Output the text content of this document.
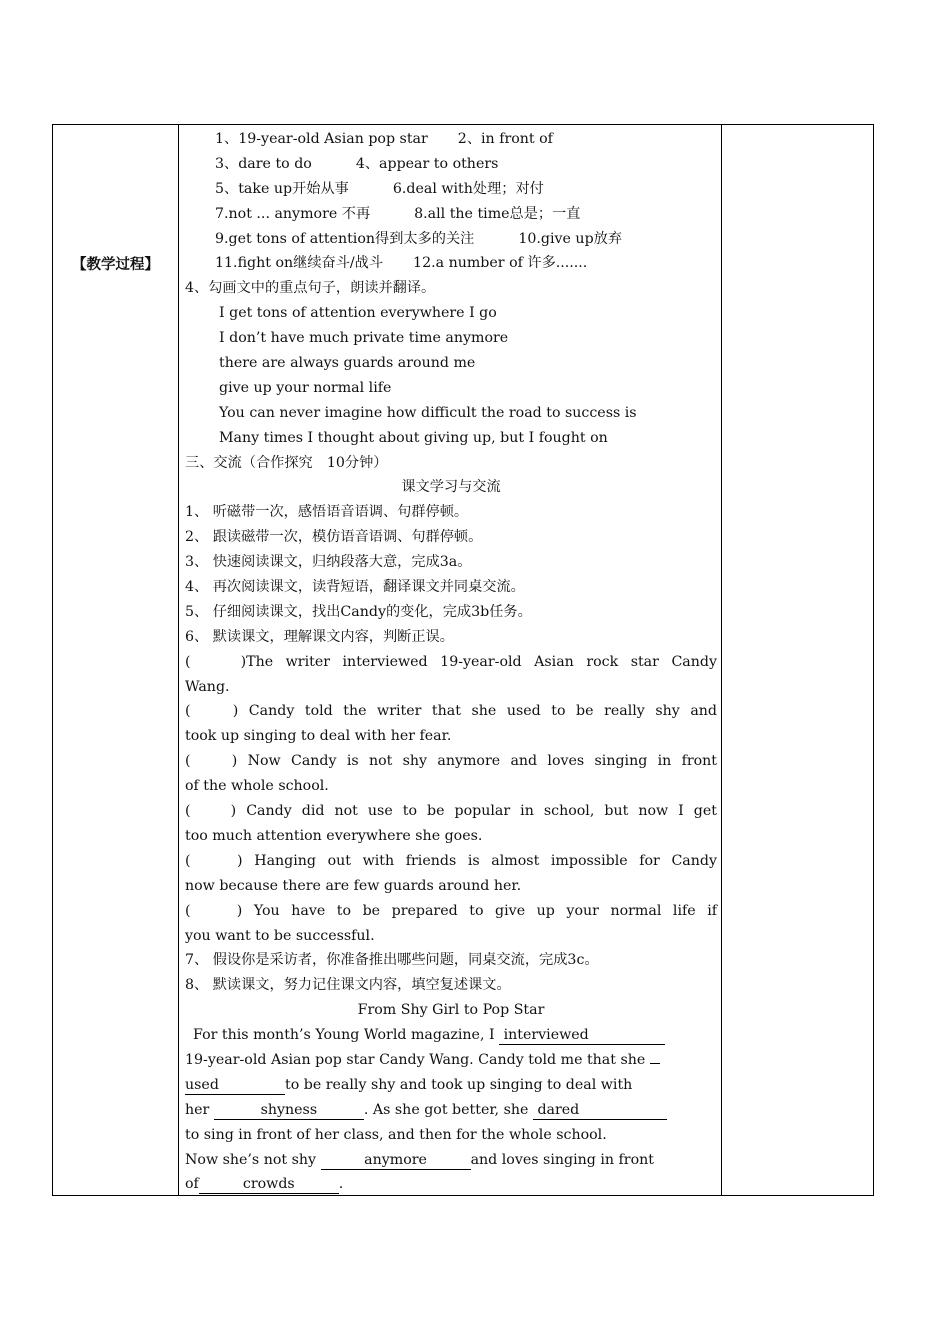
【教学过程】
1、19-year-old Asian pop star 2、in front of
3、dare to do	4、appear to others
5、take up开始从事	6.deal with处理；对付
7.not ... anymore 不再	8.all the time总是；一直
9.get tons of attention得到太多的关注	10.give up放弃
11.fight on继续奋斗/战斗 12.a number of 许多.......
4、勾画文中的重点句子，朗读并翻译。
I get tons of attention everywhere I go
I don’t have much private time anymore
there are always guards around me
give up your normal life
You can never imagine how difficult the road to success is
Many times I thought about giving up, but I fought on
三、交流（合作探究　10分钟）
课文学习与交流
1、 听磁带一次，感悟语音语调、句群停顿。
2、 跟读磁带一次，模仿语音语调、句群停顿。
3、 快速阅读课文，归纳段落大意，完成3a。
4、 再次阅读课文，读背短语，翻译课文并同桌交流。
5、 仔细阅读课文，找出Candy的变化，完成3b任务。
6、 默读课文，理解课文内容，判断正误。
(    )The writer interviewed 19-year-old Asian rock star Candy
Wang.
(    ) Candy told the writer that she used to be really shy and
took up singing to deal with her fear.
(    ) Now Candy is not shy anymore and loves singing in front
of the whole school.
(    ) Candy did not use to be popular in school, but now I get
too much attention everywhere she goes.
(    ) Hanging out with friends is almost impossible for Candy
now because there are few guards around her.
(    ) You have to be prepared to give up your normal life if
you want to be successful.
7、 假设你是采访者，你准备推出哪些问题，同桌交流，完成3c。
8、 默读课文，努力记住课文内容，填空复述课文。
From Shy Girl to Pop Star
For this month’s Young World magazine, I interviewed
19-year-old Asian pop star Candy Wang. Candy told me that she
used	to be really shy and took up singing to deal with
her	shyness	. As she got better, she dared
to sing in front of her class, and then for the whole school.
Now she’s not shy	anymore	and loves singing in front
of	crowds	.
